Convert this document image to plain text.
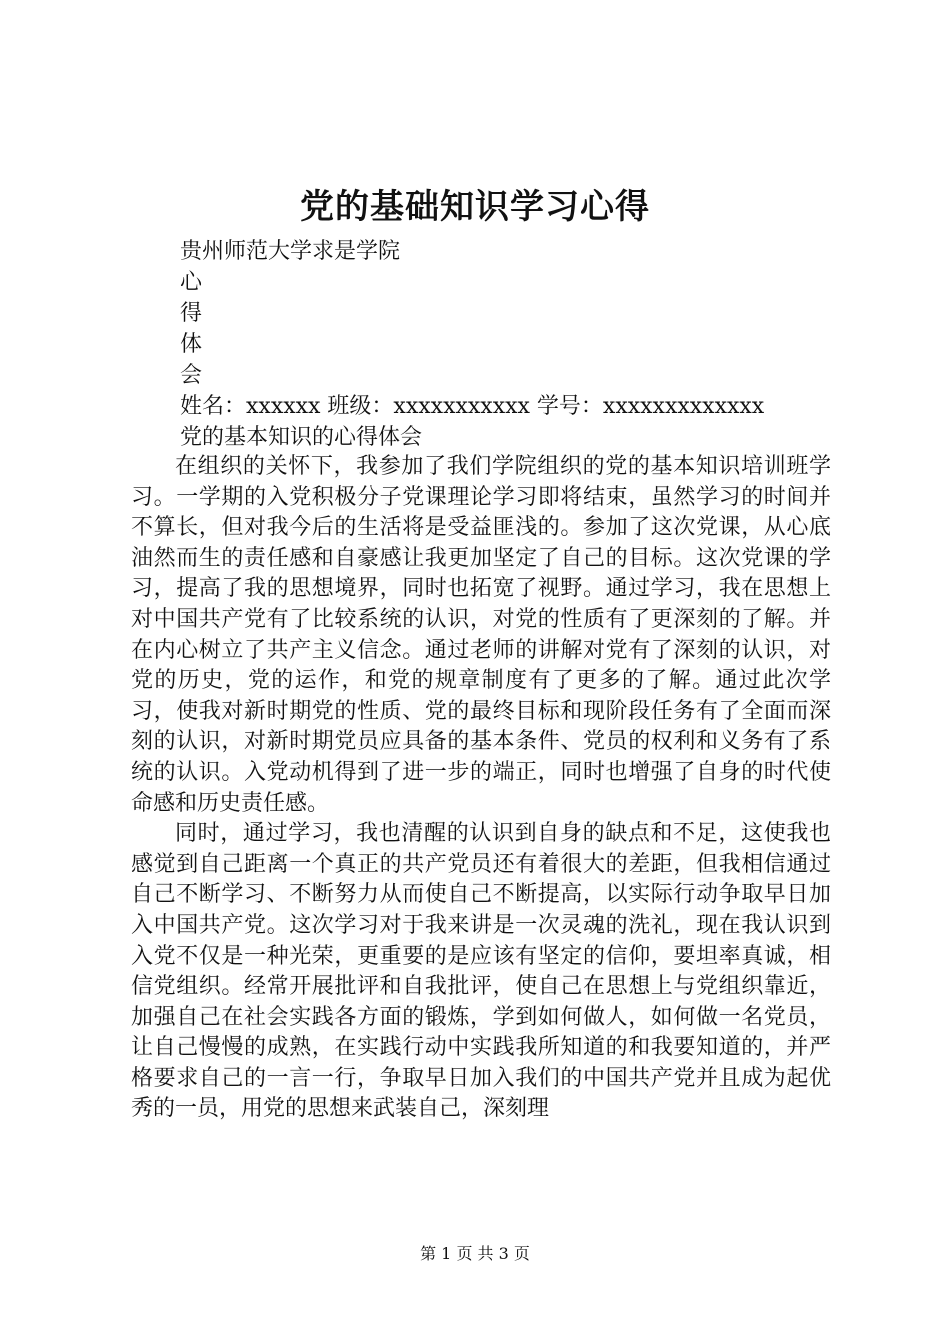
党的基础知识学习心得
贵州师范大学求是学院
心
得
体
会
姓名：xxxxxx 班级：xxxxxxxxxxx 学号：xxxxxxxxxxxxx
党的基本知识的心得体会

在组织的关怀下，我参加了我们学院组织的党的基本知识培训班学习。一学期的入党积极分子党课理论学习即将结束，虽然学习的时间并不算长，但对我今后的生活将是受益匪浅的。参加了这次党课，从心底油然而生的责任感和自豪感让我更加坚定了自己的目标。这次党课的学习，提高了我的思想境界，同时也拓宽了视野。通过学习，我在思想上对中国共产党有了比较系统的认识，对党的性质有了更深刻的了解。并在内心树立了共产主义信念。通过老师的讲解对党有了深刻的认识，对党的历史，党的运作，和党的规章制度有了更多的了解。通过此次学习，使我对新时期党的性质、党的最终目标和现阶段任务有了全面而深刻的认识，对新时期党员应具备的基本条件、党员的权利和义务有了系统的认识。入党动机得到了进一步的端正，同时也增强了自身的时代使命感和历史责任感。

同时，通过学习，我也清醒的认识到自身的缺点和不足，这使我也感觉到自己距离一个真正的共产党员还有着很大的差距，但我相信通过自己不断学习、不断努力从而使自己不断提高，以实际行动争取早日加入中国共产党。这次学习对于我来讲是一次灵魂的洗礼，现在我认识到入党不仅是一种光荣，更重要的是应该有坚定的信仰，要坦率真诚，相信党组织。经常开展批评和自我批评，使自己在思想上与党组织靠近，加强自己在社会实践各方面的锻炼，学到如何做人，如何做一名党员，让自己慢慢的成熟，在实践行动中实践我所知道的和我要知道的，并严格要求自己的一言一行，争取早日加入我们的中国共产党并且成为起优秀的一员，用党的思想来武装自己，深刻理

第 1 页 共 3 页
